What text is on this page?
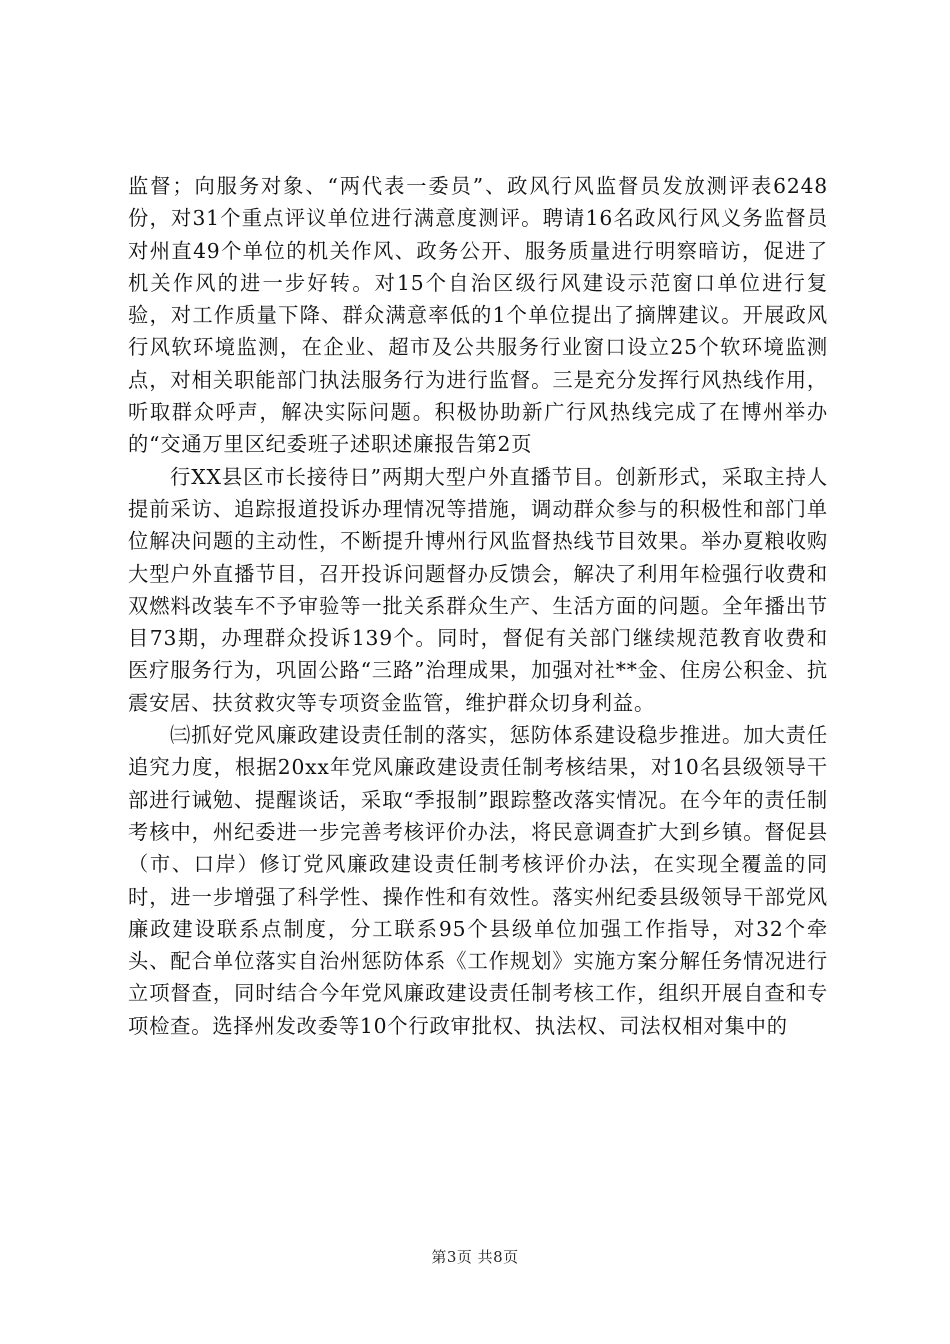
监督；向服务对象、“两代表一委员”、政风行风监督员发放测评表6248份，对31个重点评议单位进行满意度测评。聘请16名政风行风义务监督员对州直49个单位的机关作风、政务公开、服务质量进行明察暗访，促进了机关作风的进一步好转。对15个自治区级行风建设示范窗口单位进行复验，对工作质量下降、群众满意率低的1个单位提出了摘牌建议。开展政风行风软环境监测，在企业、超市及公共服务行业窗口设立25个软环境监测点，对相关职能部门执法服务行为进行监督。三是充分发挥行风热线作用，听取群众呼声，解决实际问题。积极协助新广行风热线完成了在博州举办的“交通万里区纪委班子述职述廉报告第2页

行XX县区市长接待日”两期大型户外直播节目。创新形式，采取主持人提前采访、追踪报道投诉办理情况等措施，调动群众参与的积极性和部门单位解决问题的主动性，不断提升博州行风监督热线节目效果。举办夏粮收购大型户外直播节目，召开投诉问题督办反馈会，解决了利用年检强行收费和双燃料改装车不予审验等一批关系群众生产、生活方面的问题。全年播出节目73期，办理群众投诉139个。同时，督促有关部门继续规范教育收费和医疗服务行为，巩固公路“三路”治理成果，加强对社**金、住房公积金、抗震安居、扶贫救灾等专项资金监管，维护群众切身利益。

㈢抓好党风廉政建设责任制的落实，惩防体系建设稳步推进。加大责任追究力度，根据20xx年党风廉政建设责任制考核结果，对10名县级领导干部进行诫勉、提醒谈话，采取“季报制”跟踪整改落实情况。在今年的责任制考核中，州纪委进一步完善考核评价办法，将民意调查扩大到乡镇。督促县（市、口岸）修订党风廉政建设责任制考核评价办法，在实现全覆盖的同时，进一步增强了科学性、操作性和有效性。落实州纪委县级领导干部党风廉政建设联系点制度，分工联系95个县级单位加强工作指导，对32个牵头、配合单位落实自治州惩防体系《工作规划》实施方案分解任务情况进行立项督查，同时结合今年党风廉政建设责任制考核工作，组织开展自查和专项检查。选择州发改委等10个行政审批权、执法权、司法权相对集中的

第3页 共8页
